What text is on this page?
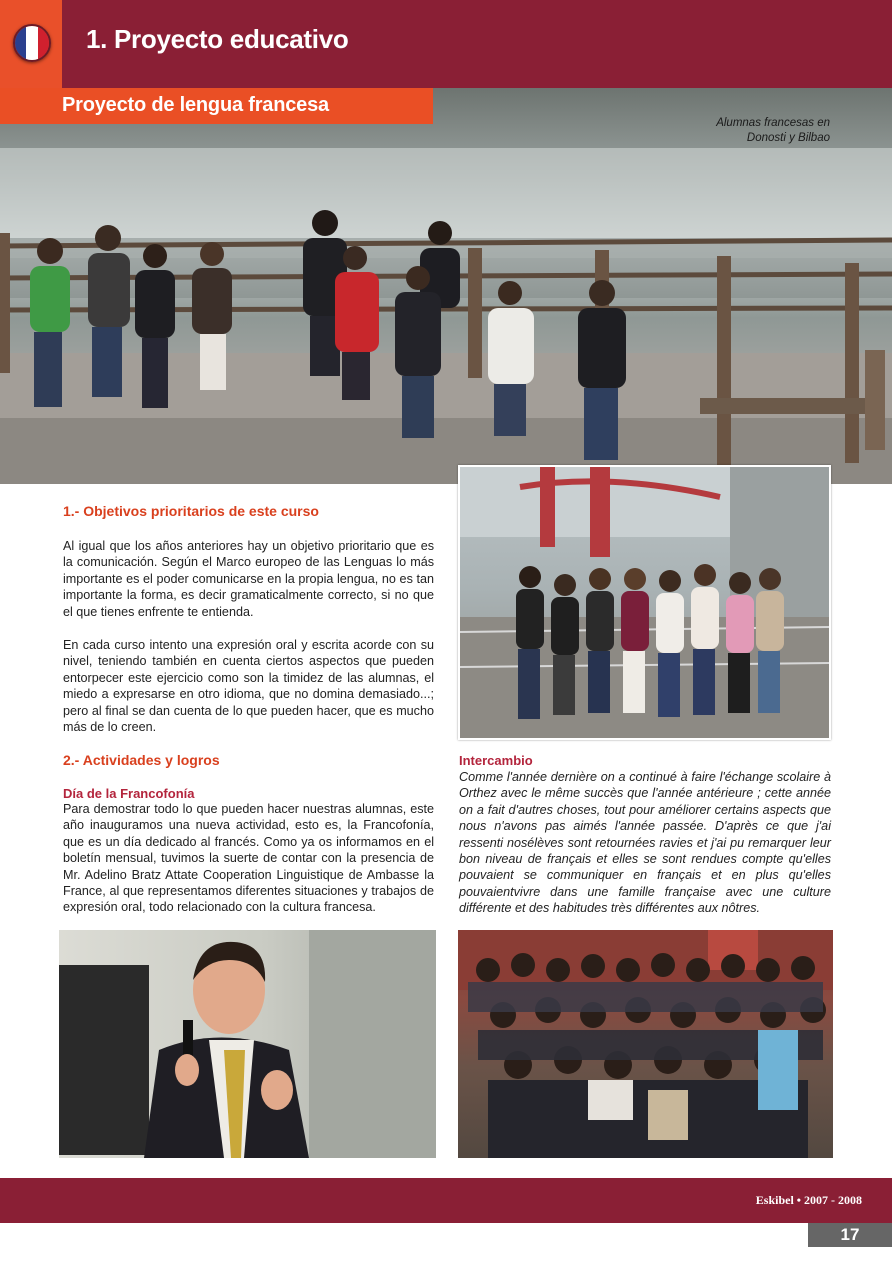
1. Proyecto educativo
Proyecto de lengua francesa
Alumnas francesas en
Donosti y Bilbao
1.- Objetivos prioritarios de este curso
Al igual que los años anteriores hay un objetivo prioritario que es la comunicación. Según el Marco europeo de las Lenguas lo más importante es el poder comunicarse en la propia lengua, no es tan importante la forma, es decir gramaticalmente correcto, si no que el que tienes enfrente te entienda.
En cada curso intento una expresión oral y escrita acorde con su nivel, teniendo también en cuenta ciertos aspectos que pueden entorpecer este ejercicio como son la timidez de las alumnas, el miedo a expresarse en otro idioma, que no domina demasiado...; pero al final se dan cuenta de lo que pueden hacer, que es mucho más de lo creen.
2.- Actividades y logros
Día de la Francofonía
Para demostrar todo lo que pueden hacer nuestras alumnas, este año inauguramos una nueva actividad, esto es, la Francofonía, que es un día dedicado al francés. Como ya os informamos en el boletín mensual, tuvimos la suerte de contar con la presencia de Mr. Adelino Bratz Attate Cooperation Linguistique de Ambasse la France, al que representamos diferentes situaciones y trabajos de expresión oral, todo relacionado con la cultura francesa.
Intercambio
Comme l'année dernière on a continué à faire l'échange scolaire à Orthez avec le même succès que l'année antérieure ; cette année on a fait d'autres choses, tout pour améliorer certains aspects que nous n'avons pas aimés l'année passée. D'après ce que j'ai ressenti nosélèves sont retournées ravies et j'ai pu remarquer leur bon niveau de français et elles se sont rendues compte qu'elles pouvaient se communiquer en français et en plus qu'elles pouvaientvivre dans une famille française avec une culture différente et des habitudes très différentes aux nôtres.
Eskibel • 2007 - 2008
17
